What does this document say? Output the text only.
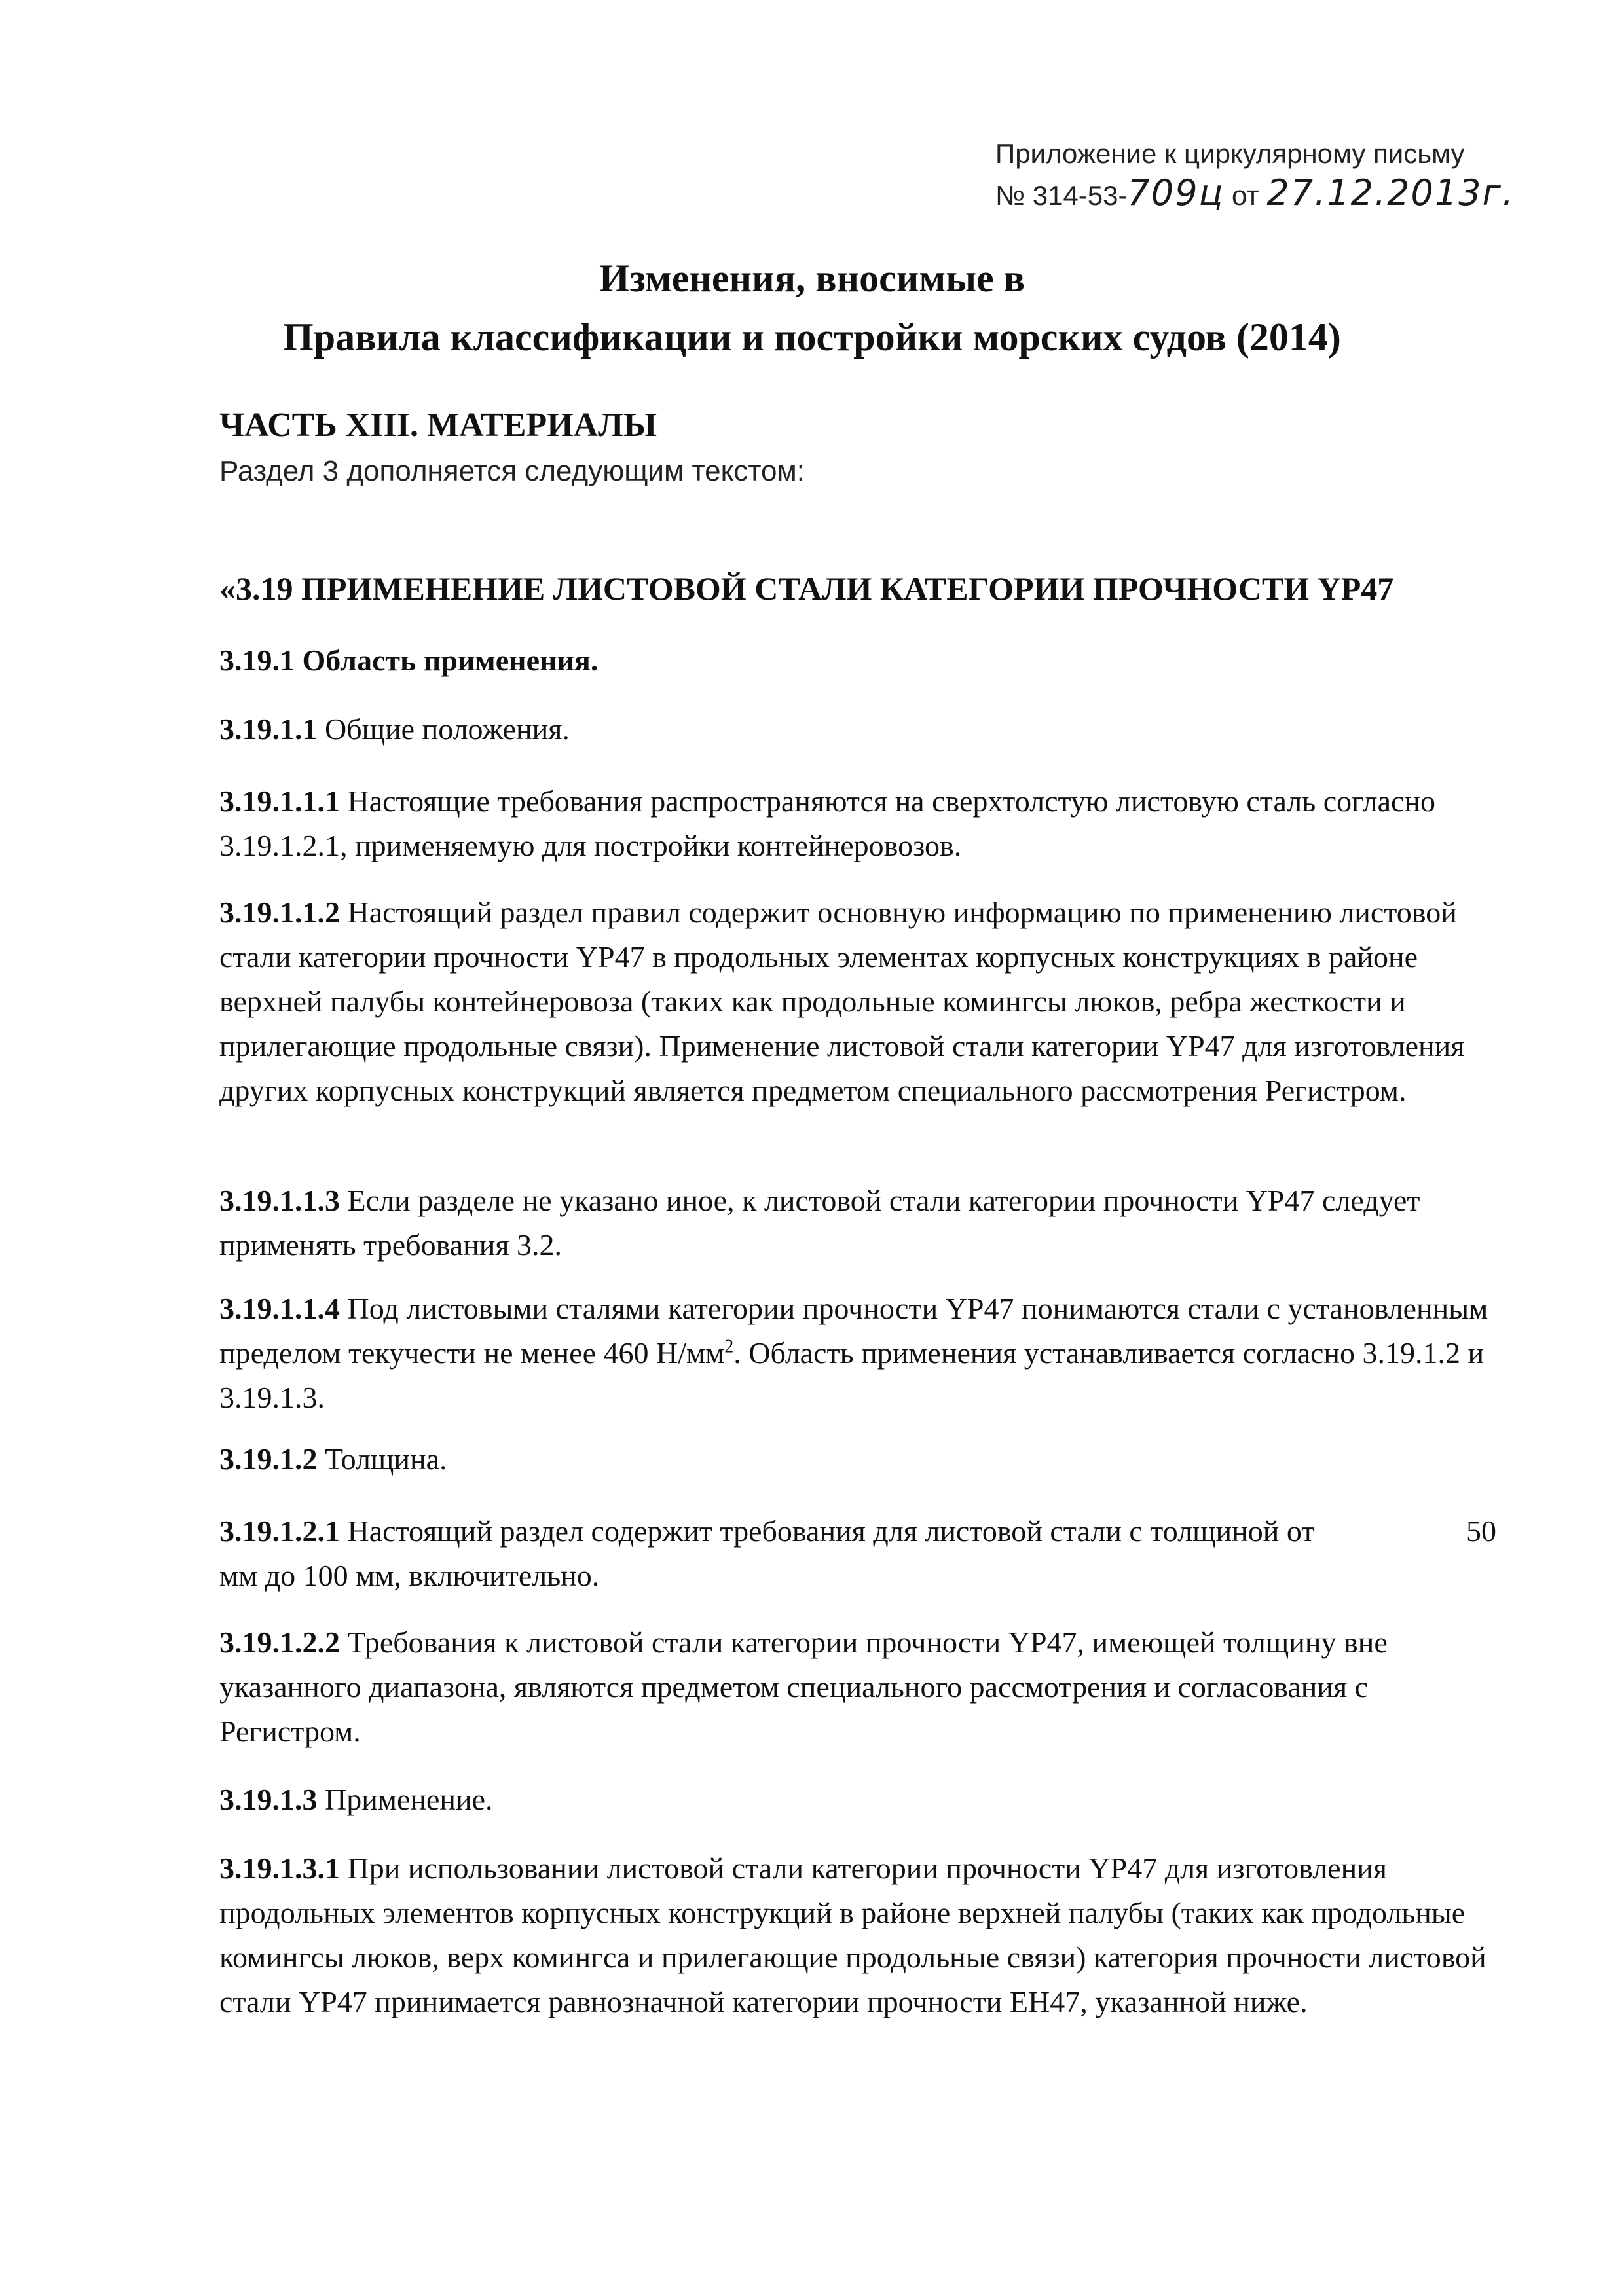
Приложение к циркулярному письму

№ 314-53-709ц от 27.12.2013г.
Изменения, вносимые в
Правила классификации и постройки морских судов (2014)
ЧАСТЬ XIII. МАТЕРИАЛЫ
Раздел 3 дополняется следующим текстом:
«3.19 ПРИМЕНЕНИЕ ЛИСТОВОЙ СТАЛИ КАТЕГОРИИ ПРОЧНОСТИ YP47
3.19.1 Область применения.
3.19.1.1 Общие положения.
3.19.1.1.1 Настоящие требования распространяются на сверхтолстую листовую сталь согласно 3.19.1.2.1, применяемую для постройки контейнеровозов.
3.19.1.1.2 Настоящий раздел правил содержит основную информацию по применению листовой стали категории прочности YP47 в продольных элементах корпусных конструкциях в районе верхней палубы контейнеровоза (таких как продольные комингсы люков, ребра жесткости и прилегающие продольные связи). Применение листовой стали категории YP47 для изготовления других корпусных конструкций является предметом специального рассмотрения Регистром.
3.19.1.1.3 Если разделе не указано иное, к листовой стали категории прочности YP47 следует применять требования 3.2.
3.19.1.1.4 Под листовыми сталями категории прочности YP47 понимаются стали с установленным пределом текучести не менее 460 $Н/мм^2$. Область применения устанавливается согласно 3.19.1.2 и 3.19.1.3.
3.19.1.2 Толщина.
3.19.1.2.1 Настоящий раздел содержит требования для листовой стали с толщиной от	50
мм до 100 мм, включительно.
3.19.1.2.2 Требования к листовой стали категории прочности YP47, имеющей толщину вне указанного диапазона, являются предметом специального рассмотрения и согласования с Регистром.
3.19.1.3 Применение.
3.19.1.3.1 При использовании листовой стали категории прочности YP47 для изготовления продольных элементов корпусных конструкций в районе верхней палубы (таких как продольные комингсы люков, верх комингса и прилегающие продольные связи) категория прочности листовой стали YP47 принимается равнозначной категории прочности EH47, указанной ниже.
